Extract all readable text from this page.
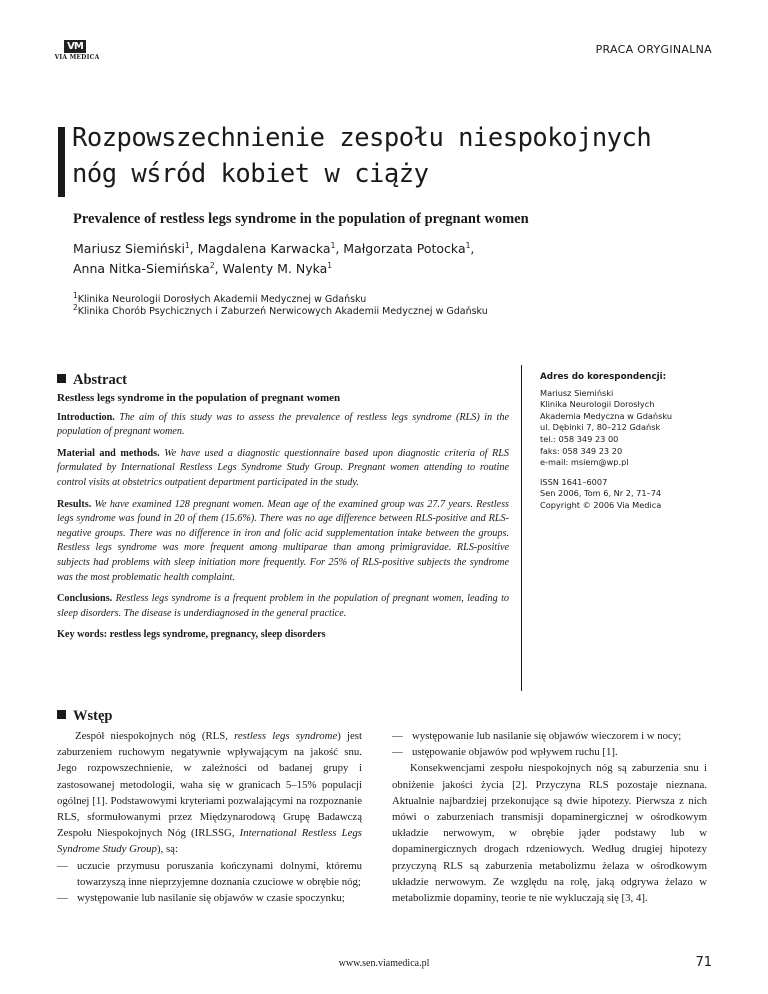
VM
VIA MEDICA
PRACA ORYGINALNA
Rozpowszechnienie zespołu niespokojnych
nóg wśród kobiet w ciąży
Prevalence of restless legs syndrome in the population of pregnant women
Mariusz Siemiński$^1$, Magdalena Karwacka$^1$, Małgorzata Potocka$^1$,
Anna Nitka-Siemińska$^2$, Walenty M. Nyka$^1$
$^1$Klinika Neurologii Dorosłych Akademii Medycznej w Gdańsku
$^2$Klinika Chorób Psychicznych i Zaburzeń Nerwicowych Akademii Medycznej w Gdańsku
Abstract

Restless legs syndrome in the population of pregnant women

Introduction. The aim of this study was to assess the prevalence of restless legs syndrome (RLS) in the population of pregnant women.

Material and methods. We have used a diagnostic questionnaire based upon diagnostic criteria of RLS formulated by International Restless Legs Syndrome Study Group. Pregnant women attending to routine control visits at obstetrics outpatient department participated in the study.

Results. We have examined 128 pregnant women. Mean age of the examined group was 27.7 years. Restless legs syndrome was found in 20 of them (15.6%). There was no age difference between RLS-positive and RLS-negative groups. There was no difference in iron and folic acid supplementation intake between the groups. Restless legs syndrome was more frequent among multiparae than among primigravidae. RLS-positive subjects had problems with sleep initiation more frequently. For 25% of RLS-positive subjects the syndrome was the most problematic health complaint.

Conclusions. Restless legs syndrome is a frequent problem in the population of pregnant women, leading to sleep disorders. The disease is underdiagnosed in the general practice.

Key words: restless legs syndrome, pregnancy, sleep disorders

Adres do korespondencji:

Mariusz Siemiński
Klinika Neurologii Dorosłych
Akademia Medyczna w Gdańsku
ul. Dębinki 7, 80–212 Gdańsk
tel.: 058 349 23 00
faks: 058 349 23 20
e-mail: msiem@wp.pl

ISSN 1641–6007
Sen 2006, Tom 6, Nr 2, 71–74
Copyright © 2006 Via Medica

Wstęp

Zespół niespokojnych nóg (RLS, restless legs syndrome) jest zaburzeniem ruchowym negatywnie wpływającym na jakość snu. Jego rozpowszechnienie, w zależności od badanej grupy i zastosowanej metodologii, waha się w granicach 5–15% populacji ogólnej [1]. Podstawowymi kryteriami pozwalającymi na rozpoznanie RLS, sformułowanymi przez Międzynarodową Grupę Badawczą Zespołu Niespokojnych Nóg (IRLSSG, International Restless Legs Syndrome Study Group), są:

— uczucie przymusu poruszania kończynami dolnymi, któremu towarzyszą inne nieprzyjemne doznania czuciowe w obrębie nóg;
— występowanie lub nasilanie się objawów w czasie spoczynku;
— występowanie lub nasilanie się objawów wieczorem i w nocy;
— ustępowanie objawów pod wpływem ruchu [1].

Konsekwencjami zespołu niespokojnych nóg są zaburzenia snu i obniżenie jakości życia [2]. Przyczyna RLS pozostaje nieznana. Aktualnie najbardziej przekonujące są dwie hipotezy. Pierwsza z nich mówi o zaburzeniach transmisji dopaminergicznej w ośrodkowym układzie nerwowym, w obrębie jąder podstawy lub w dopaminergicznych drogach rdzeniowych. Według drugiej hipotezy przyczyną RLS są zaburzenia metabolizmu żelaza w ośrodkowym układzie nerwowym. Ze względu na rolę, jaką odgrywa żelazo w metabolizmie dopaminy, teorie te nie wykluczają się [3, 4].

www.sen.viamedica.pl	71
